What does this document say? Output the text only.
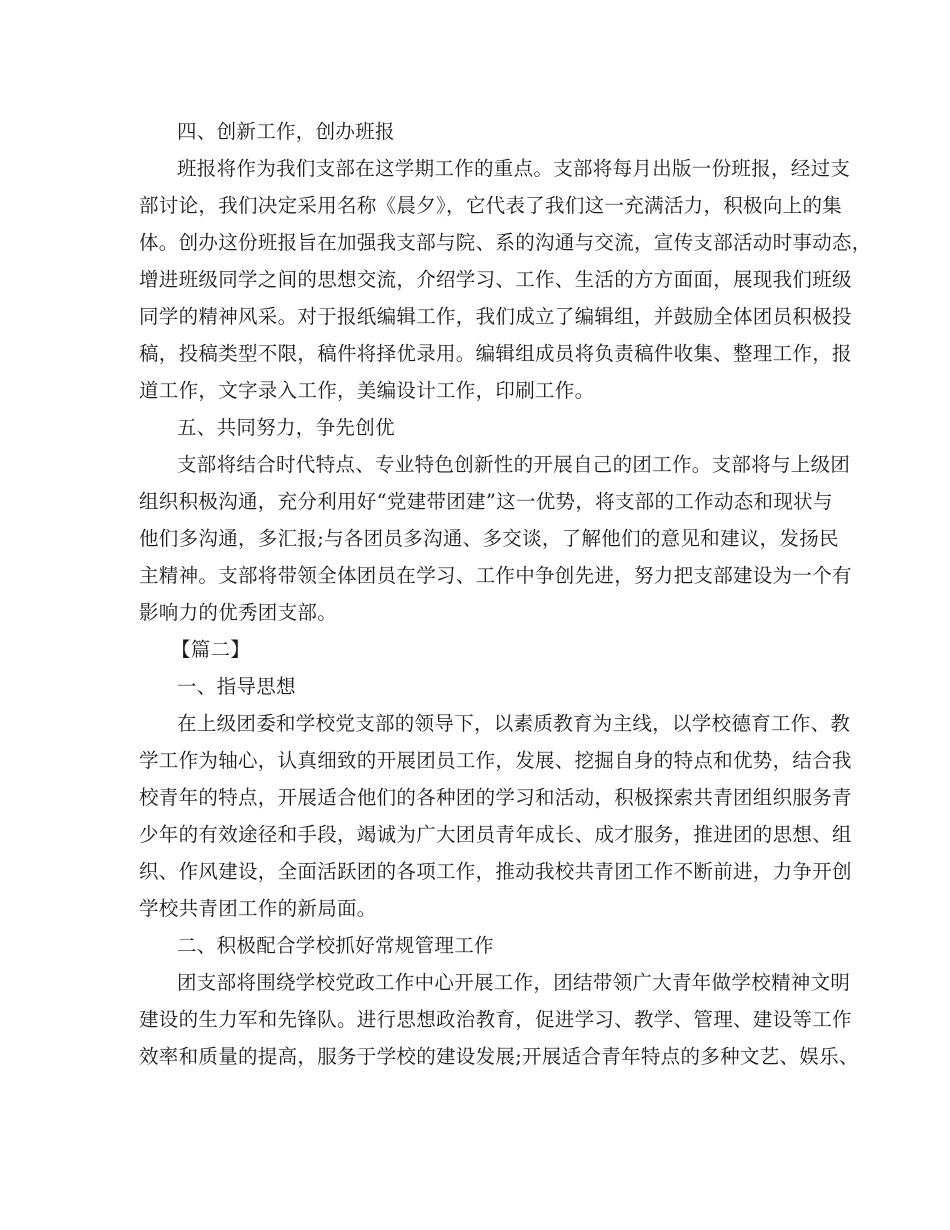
四、创新工作，创办班报
班报将作为我们支部在这学期工作的重点。支部将每月出版一份班报，经过支
部讨论，我们决定采用名称《晨夕》，它代表了我们这一充满活力，积极向上的集
体。创办这份班报旨在加强我支部与院、系的沟通与交流，宣传支部活动时事动态，
增进班级同学之间的思想交流，介绍学习、工作、生活的方方面面，展现我们班级
同学的精神风采。对于报纸编辑工作，我们成立了编辑组，并鼓励全体团员积极投
稿，投稿类型不限，稿件将择优录用。编辑组成员将负责稿件收集、整理工作，报
道工作，文字录入工作，美编设计工作，印刷工作。
五、共同努力，争先创优
支部将结合时代特点、专业特色创新性的开展自己的团工作。支部将与上级团
组织积极沟通，充分利用好“党建带团建”这一优势，将支部的工作动态和现状与
他们多沟通，多汇报;与各团员多沟通、多交谈，了解他们的意见和建议，发扬民
主精神。支部将带领全体团员在学习、工作中争创先进，努力把支部建设为一个有
影响力的优秀团支部。
【篇二】
一、指导思想
在上级团委和学校党支部的领导下，以素质教育为主线，以学校德育工作、教
学工作为轴心，认真细致的开展团员工作，发展、挖掘自身的特点和优势，结合我
校青年的特点，开展适合他们的各种团的学习和活动，积极探索共青团组织服务青
少年的有效途径和手段，竭诚为广大团员青年成长、成才服务，推进团的思想、组
织、作风建设，全面活跃团的各项工作，推动我校共青团工作不断前进，力争开创
学校共青团工作的新局面。
二、积极配合学校抓好常规管理工作
团支部将围绕学校党政工作中心开展工作，团结带领广大青年做学校精神文明
建设的生力军和先锋队。进行思想政治教育，促进学习、教学、管理、建设等工作
效率和质量的提高，服务于学校的建设发展;开展适合青年特点的多种文艺、娱乐、
